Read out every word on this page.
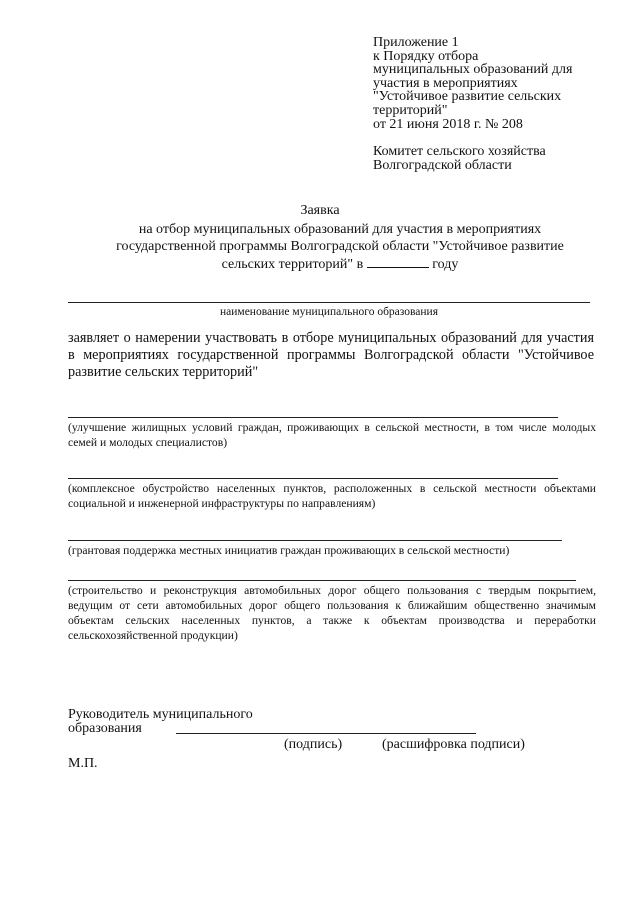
Приложение 1
к Порядку отбора
муниципальных образований для
участия в мероприятиях
"Устойчивое развитие сельских
территорий"
от 21 июня 2018 г. № 208
Комитет сельского хозяйства
Волгоградской области
Заявка
на отбор муниципальных образований для участия в мероприятиях
государственной программы Волгоградской области "Устойчивое развитие
сельских территорий" в	году
наименование муниципального образования
заявляет о намерении участвовать в отборе муниципальных образований для участия в мероприятиях государственной программы Волгоградской области "Устойчивое развитие сельских территорий"
(улучшение жилищных условий граждан, проживающих в сельской местности, в том числе молодых семей и молодых специалистов)
(комплексное обустройство населенных пунктов, расположенных в сельской местности объектами социальной и инженерной инфраструктуры по направлениям)
(грантовая поддержка местных инициатив граждан проживающих в сельской местности)
(строительство и реконструкция автомобильных дорог общего пользования с твердым покрытием, ведущим от сети автомобильных дорог общего пользования к ближайшим общественно значимым объектам сельских населенных пунктов, а также к объектам производства и переработки сельскохозяйственной продукции)
Руководитель муниципального
образования
(подпись)	(расшифровка подписи)
М.П.
